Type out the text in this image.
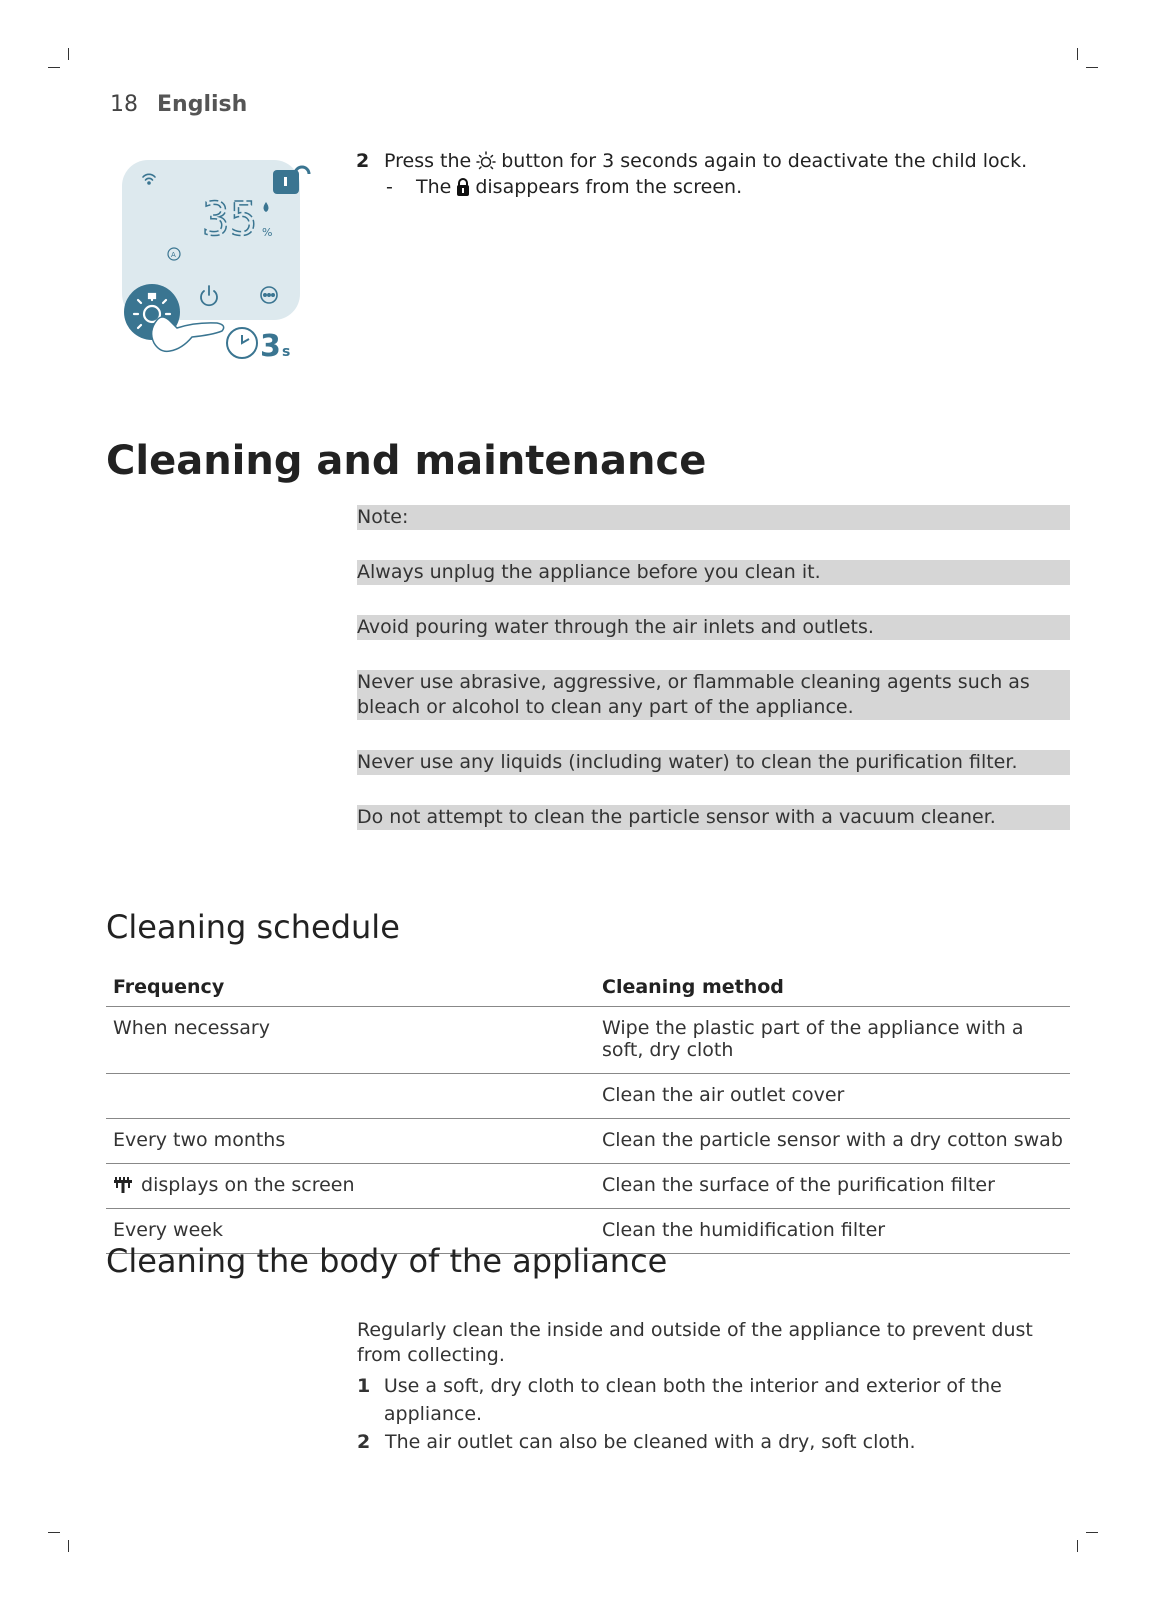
18 English
35 %
A
3 s
2 Press the button for 3 seconds again to deactivate the child lock.
-	The disappears from the screen.
Cleaning and maintenance
Note:
Always unplug the appliance before you clean it.
Avoid pouring water through the air inlets and outlets.
Never use abrasive, aggressive, or flammable cleaning agents such as bleach or alcohol to clean any part of the appliance.
Never use any liquids (including water) to clean the purification filter.
Do not attempt to clean the particle sensor with a vacuum cleaner.
Cleaning schedule
Frequency	Cleaning method
When necessary	Wipe the plastic part of the appliance with a soft, dry cloth
	Clean the air outlet cover
Every two months	Clean the particle sensor with a dry cotton swab
displays on the screen	Clean the surface of the purification filter
Every week	Clean the humidification filter
Cleaning the body of the appliance

Regularly clean the inside and outside of the appliance to prevent dust from collecting.

1 Use a soft, dry cloth to clean both the interior and exterior of the appliance.
2 The air outlet can also be cleaned with a dry, soft cloth.
